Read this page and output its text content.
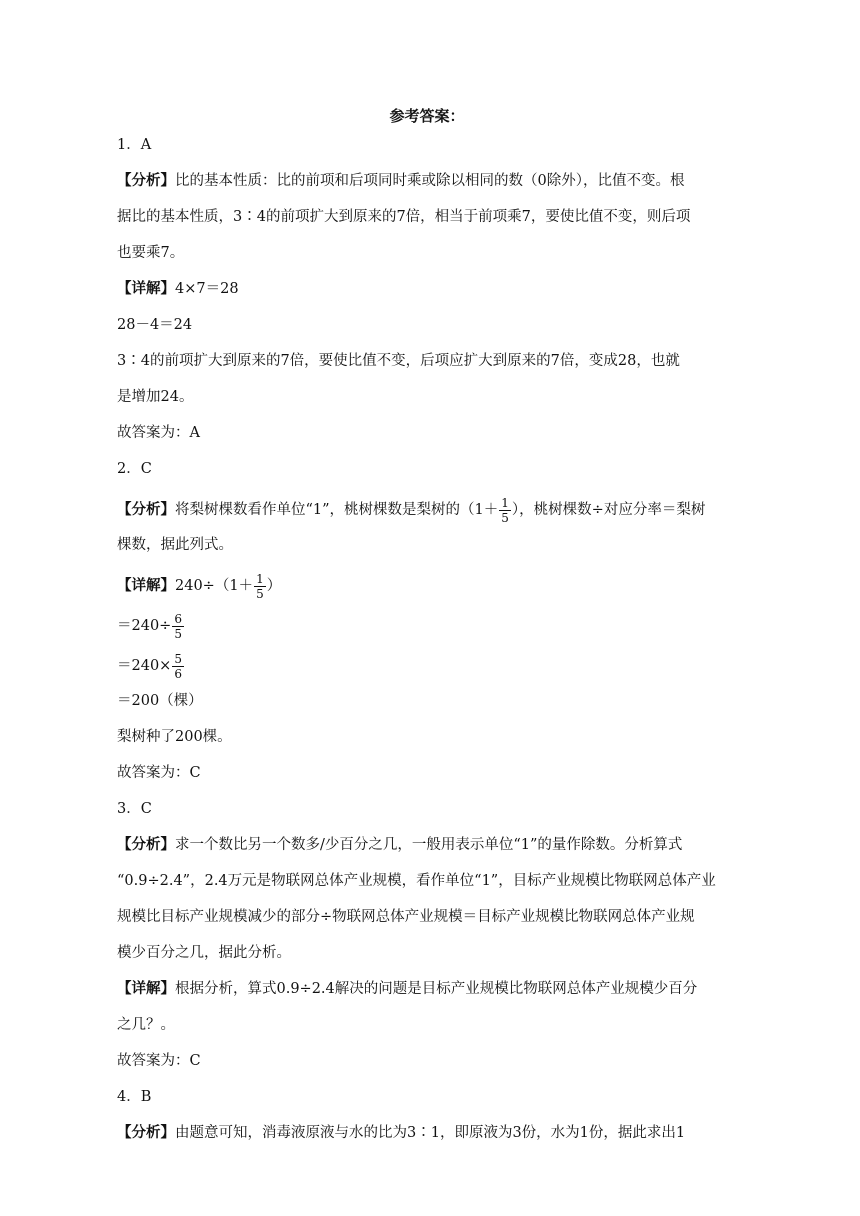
参考答案：
1．A
【分析】比的基本性质：比的前项和后项同时乘或除以相同的数（0除外），比值不变。根
据比的基本性质，3∶4的前项扩大到原来的7倍，相当于前项乘7，要使比值不变，则后项
也要乘7。
【详解】4×7＝28
28－4＝24
3∶4的前项扩大到原来的7倍，要使比值不变，后项应扩大到原来的7倍，变成28，也就
是增加24。
故答案为：A
2．C
【分析】将梨树棵数看作单位“1”，桃树棵数是梨树的（$1+ \frac{1}{5}$ ），桃树棵数÷对应分率＝梨树
棵数，据此列式。
【详解】$240\div(1+ \frac{1}{5}$ ）
$=240\div \frac{6}{5}$
$=240\times \frac{5}{6}$
＝200（棵）
梨树种了200棵。
故答案为：C
3．C
【分析】求一个数比另一个数多/少百分之几，一般用表示单位“1”的量作除数。分析算式
“0.9÷2.4”，2.4万元是物联网总体产业规模，看作单位“1”，目标产业规模比物联网总体产业
规模比目标产业规模减少的部分÷物联网总体产业规模＝目标产业规模比物联网总体产业规
模少百分之几，据此分析。
【详解】根据分析，算式0.9÷2.4解决的问题是目标产业规模比物联网总体产业规模少百分
之几？。
故答案为：C
4．B
【分析】由题意可知，消毒液原液与水的比为3∶1，即原液为3份，水为1份，据此求出1
